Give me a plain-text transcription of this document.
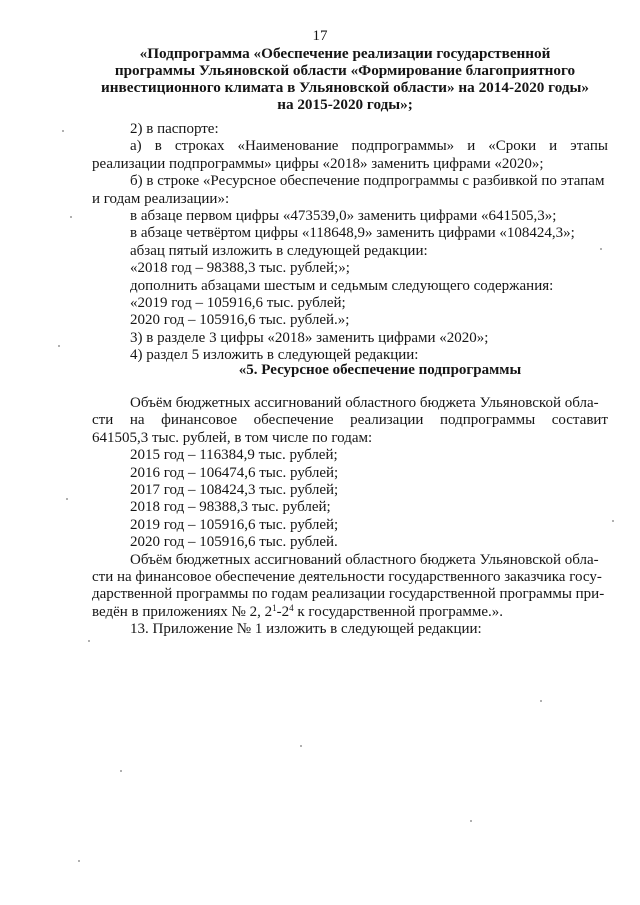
17
«Подпрограмма «Обеспечение реализации государственной
программы Ульяновской области «Формирование благоприятного
инвестиционного климата в Ульяновской области» на 2014-2020 годы»
на 2015-2020 годы»;
2) в паспорте:
а) в строках «Наименование подпрограммы» и «Сроки и этапы
реализации подпрограммы» цифры «2018» заменить цифрами «2020»;
б) в строке «Ресурсное обеспечение подпрограммы с разбивкой по этапам
и годам реализации»:
в абзаце первом цифры «473539,0» заменить цифрами «641505,3»;
в абзаце четвёртом цифры «118648,9» заменить цифрами «108424,3»;
абзац пятый изложить в следующей редакции:
«2018 год – 98388,3 тыс. рублей;»;
дополнить абзацами шестым и седьмым следующего содержания:
«2019 год – 105916,6 тыс. рублей;
2020 год – 105916,6 тыс. рублей.»;
3) в разделе 3 цифры «2018» заменить цифрами «2020»;
4) раздел 5 изложить в следующей редакции:
«5. Ресурсное обеспечение подпрограммы
Объём бюджетных ассигнований областного бюджета Ульяновской обла-
сти на финансовое обеспечение реализации подпрограммы составит
641505,3 тыс. рублей, в том числе по годам:
2015 год – 116384,9 тыс. рублей;
2016 год – 106474,6 тыс. рублей;
2017 год – 108424,3 тыс. рублей;
2018 год – 98388,3 тыс. рублей;
2019 год – 105916,6 тыс. рублей;
2020 год – 105916,6 тыс. рублей.
Объём бюджетных ассигнований областного бюджета Ульяновской обла-
сти на финансовое обеспечение деятельности государственного заказчика госу-
дарственной программы по годам реализации государственной программы при-
ведён в приложениях № 2, $2^1-2^4$ к государственной программе.».
13. Приложение № 1 изложить в следующей редакции:
